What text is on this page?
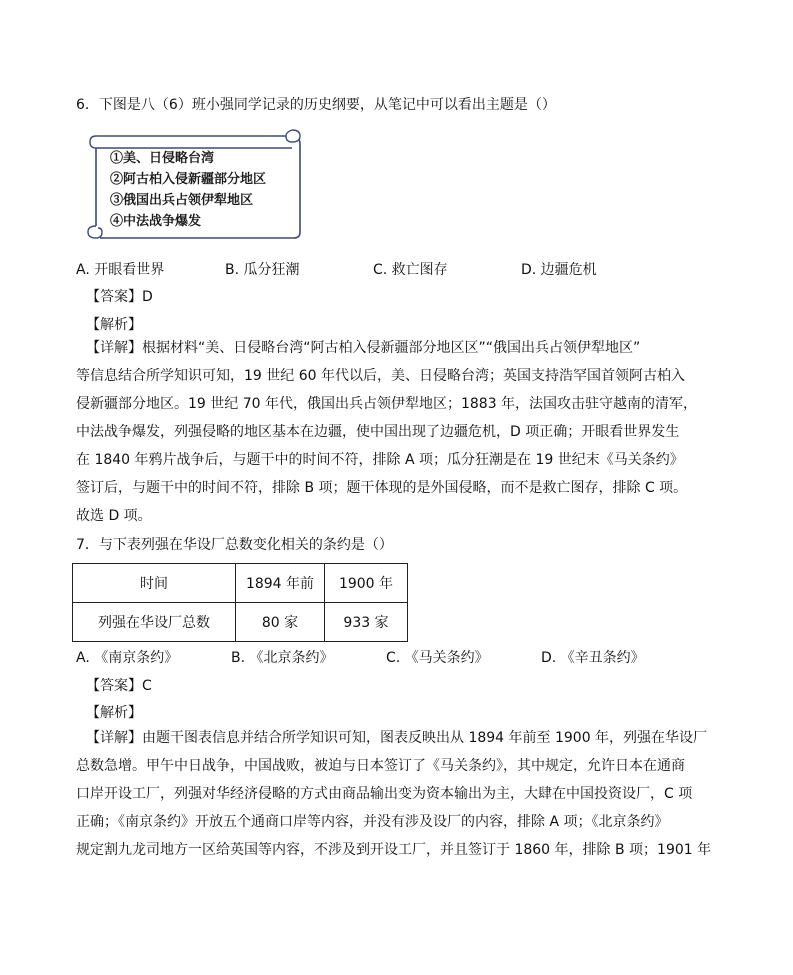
6．下图是八（6）班小强同学记录的历史纲要，从笔记中可以看出主题是（）
①美、日侵略台湾
②阿古柏入侵新疆部分地区
③俄国出兵占领伊犁地区
④中法战争爆发
A. 开眼看世界	B. 瓜分狂潮	C. 救亡图存	D. 边疆危机
【答案】D
【解析】
【详解】根据材料“美、日侵略台湾“阿古柏入侵新疆部分地区区”“俄国出兵占领伊犁地区”
等信息结合所学知识可知，19 世纪 60 年代以后，美、日侵略台湾；英国支持浩罕国首领阿古柏入
侵新疆部分地区。19 世纪 70 年代，俄国出兵占领伊犁地区；1883 年，法国攻击驻守越南的清军，
中法战争爆发，列强侵略的地区基本在边疆，使中国出现了边疆危机，D 项正确；开眼看世界发生
在 1840 年鸦片战争后，与题干中的时间不符，排除 A 项；瓜分狂潮是在 19 世纪末《马关条约》
签订后，与题干中的时间不符，排除 B 项；题干体现的是外国侵略，而不是救亡图存，排除 C 项。
故选 D 项。
7．与下表列强在华设厂总数变化相关的条约是（）
时间	1894 年前	1900 年
列强在华设厂总数	80 家	933 家
A. 《南京条约》	B. 《北京条约》	C. 《马关条约》	D. 《辛丑条约》
【答案】C
【解析】
【详解】由题干图表信息并结合所学知识可知，图表反映出从 1894 年前至 1900 年，列强在华设厂
总数急增。甲午中日战争，中国战败，被迫与日本签订了《马关条约》，其中规定，允许日本在通商
口岸开设工厂，列强对华经济侵略的方式由商品输出变为资本输出为主，大肆在中国投资设厂，C 项
正确；《南京条约》开放五个通商口岸等内容，并没有涉及设厂的内容，排除 A 项；《北京条约》
规定割九龙司地方一区给英国等内容，不涉及到开设工厂，并且签订于 1860 年，排除 B 项；1901 年
